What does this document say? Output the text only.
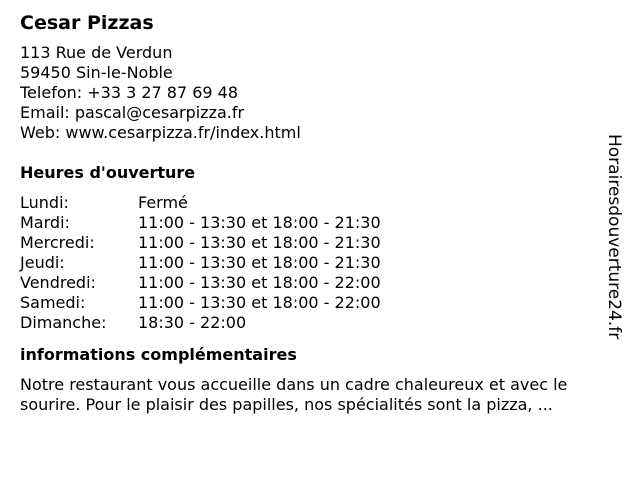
Cesar Pizzas
113 Rue de Verdun
59450 Sin-le-Noble
Telefon: +33 3 27 87 69 48
Email: pascal@cesarpizza.fr
Web: www.cesarpizza.fr/index.html
Heures d'ouverture
Lundi:	Fermé
Mardi:	11:00 - 13:30 et 18:00 - 21:30
Mercredi:	11:00 - 13:30 et 18:00 - 21:30
Jeudi:	11:00 - 13:30 et 18:00 - 21:30
Vendredi:	11:00 - 13:30 et 18:00 - 22:00
Samedi:	11:00 - 13:30 et 18:00 - 22:00
Dimanche:	18:30 - 22:00
informations complémentaires
Notre restaurant vous accueille dans un cadre chaleureux et avec le sourire. Pour le plaisir des papilles, nos spécialités sont la pizza, ...
Horairesdouverture24.fr
